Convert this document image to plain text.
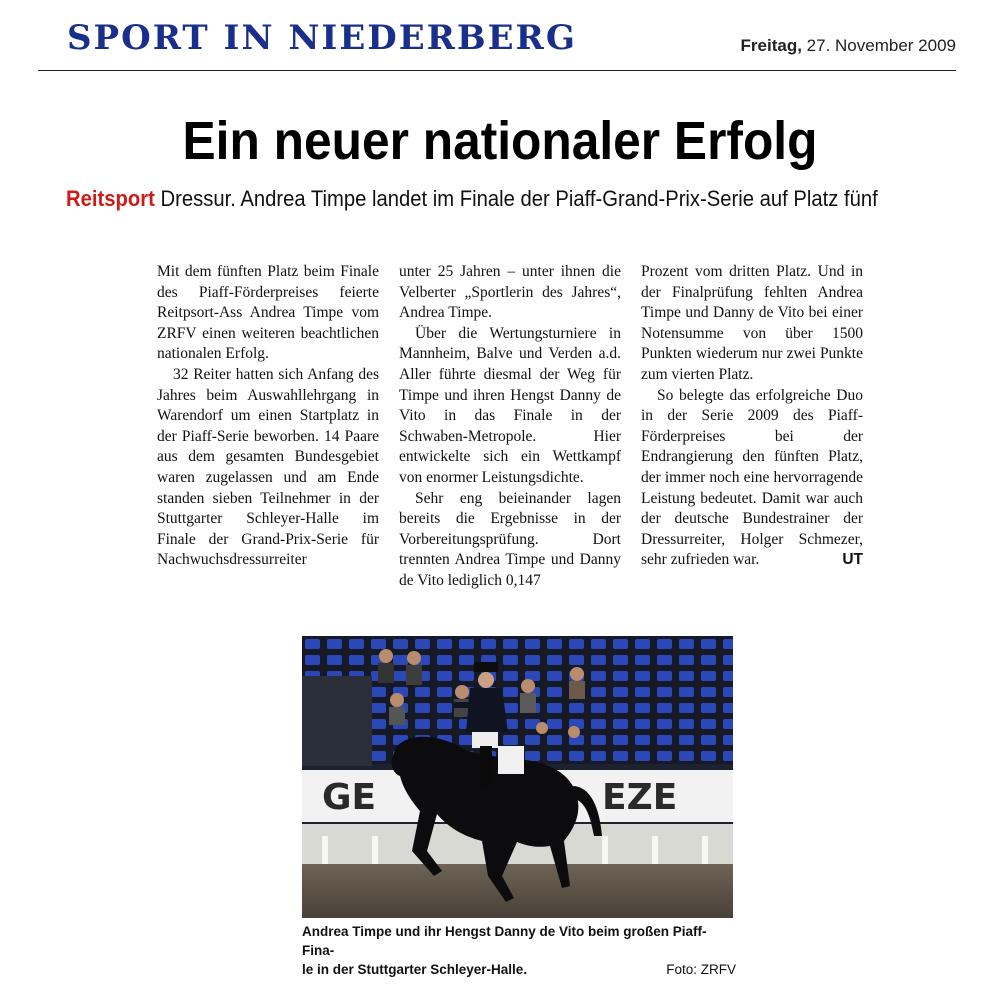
SPORT IN NIEDERBERG	Freitag, 27. November 2009
Ein neuer nationaler Erfolg
Reitsport Dressur. Andrea Timpe landet im Finale der Piaff-Grand-Prix-Serie auf Platz fünf

Mit dem fünften Platz beim Finale des Piaff-Förderpreises feierte Reitpsort-Ass Andrea Timpe vom ZRFV einen weiteren beachtlichen nationalen Erfolg.

32 Reiter hatten sich Anfang des Jahres beim Auswahllehrgang in Warendorf um einen Startplatz in der Piaff-Serie beworben. 14 Paare aus dem gesamten Bundesgebiet waren zugelassen und am Ende standen sieben Teilnehmer in der Stuttgarter Schleyer-Halle im Finale der Grand-Prix-Serie für Nachwuchsdressurreiter

unter 25 Jahren – unter ihnen die Velberter „Sportlerin des Jahres“, Andrea Timpe.

Über die Wertungsturniere in Mannheim, Balve und Verden a.d. Aller führte diesmal der Weg für Timpe und ihren Hengst Danny de Vito in das Finale in der Schwaben-Metropole. Hier entwickelte sich ein Wettkampf von enormer Leistungsdichte.

Sehr eng beieinander lagen bereits die Ergebnisse in der Vorbereitungsprüfung. Dort trennten Andrea Timpe und Danny de Vito lediglich 0,147

Prozent vom dritten Platz. Und in der Finalprüfung fehlten Andrea Timpe und Danny de Vito bei einer Notensumme von über 1500 Punkten wiederum nur zwei Punkte zum vierten Platz.

So belegte das erfolgreiche Duo in der Serie 2009 des Piaff-Förderpreises bei der Endrangierung den fünften Platz, der immer noch eine hervorragende Leistung bedeutet. Damit war auch der deutsche Bundestrainer der Dressurreiter, Holger Schmezer, sehr zufrieden war.	UT

GE	EZE
Andrea Timpe und ihr Hengst Danny de Vito beim großen Piaff-Fina-
le in der Stuttgarter Schleyer-Halle.	Foto: ZRFV
